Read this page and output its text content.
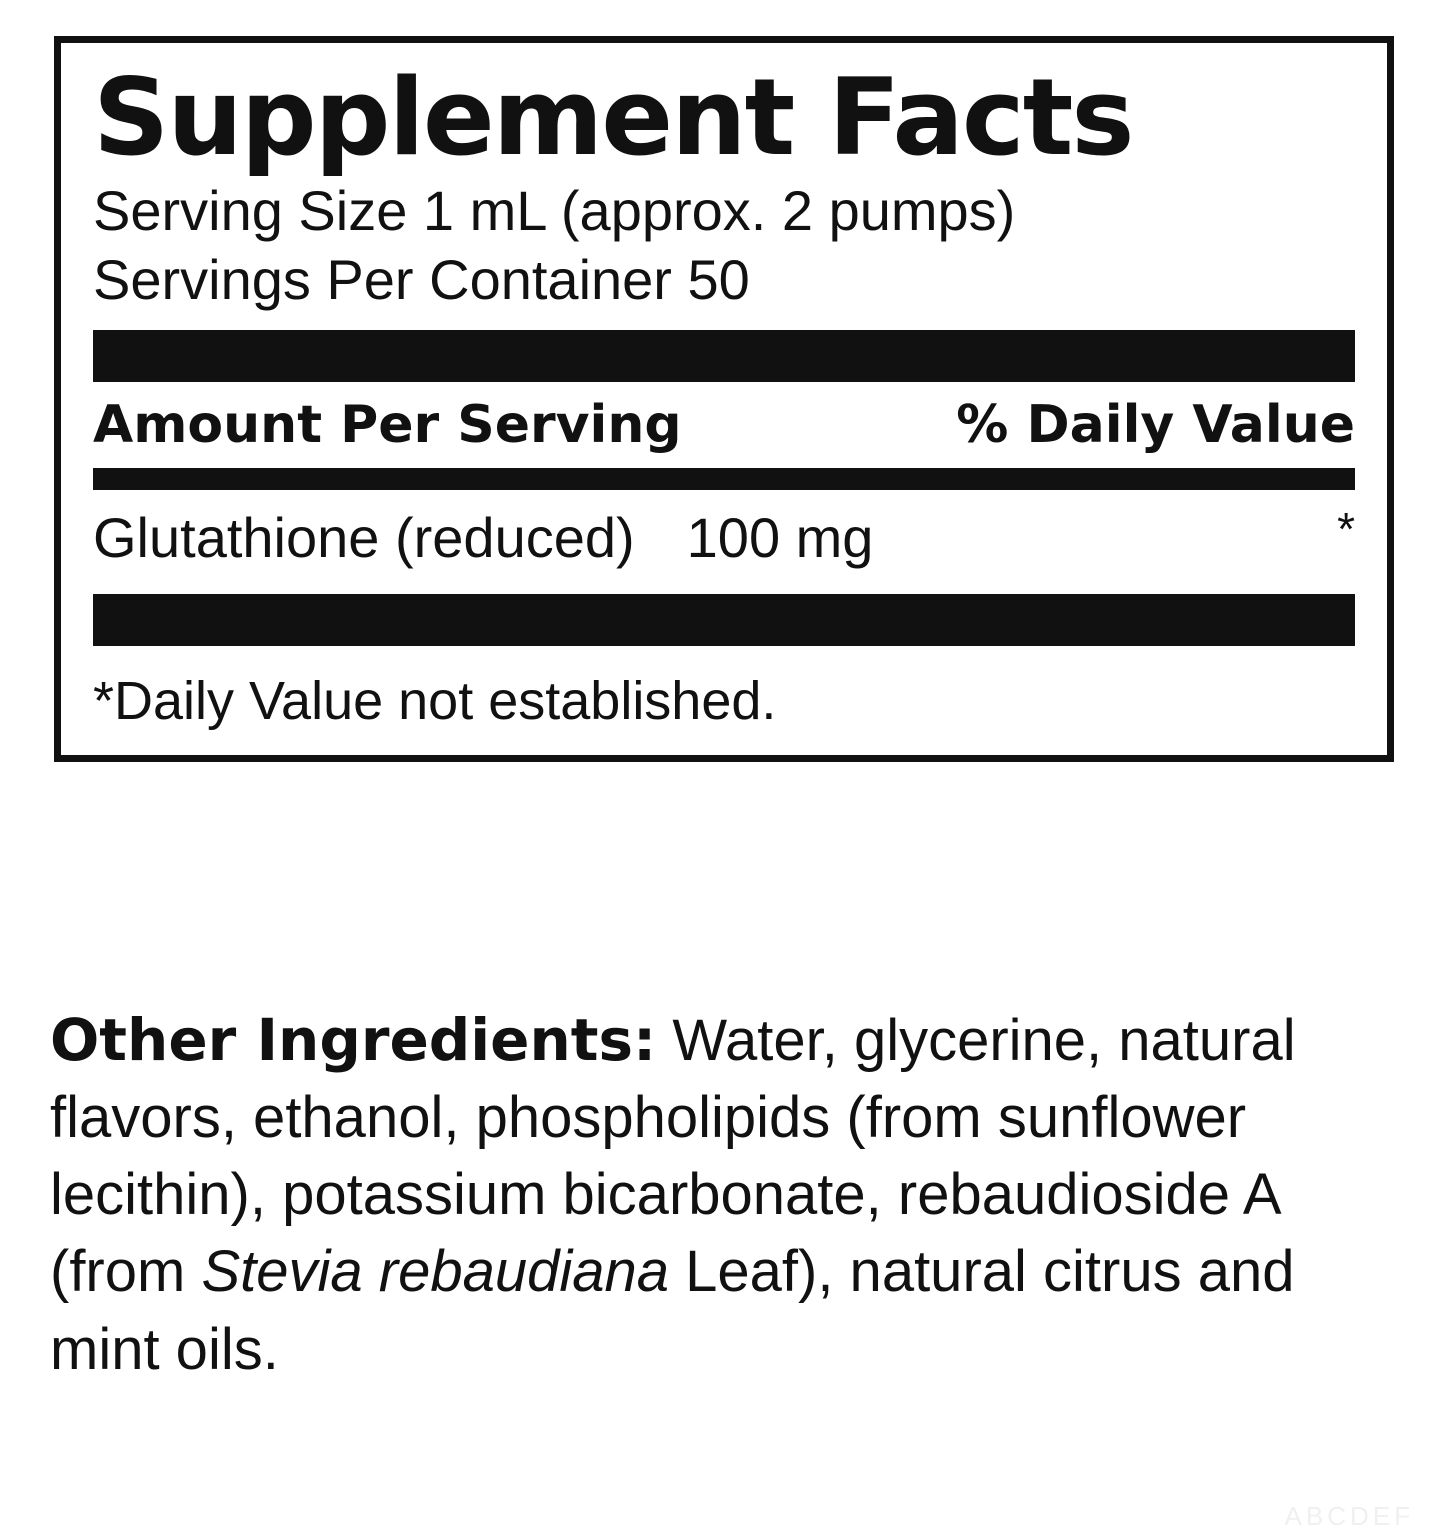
Supplement Facts
Serving Size 1 mL (approx. 2 pumps)
Servings Per Container 50
Amount Per Serving	% Daily Value
Glutathione (reduced) 100 mg	*
*Daily Value not established.
Other Ingredients: Water, glycerine, natural flavors, ethanol, phospholipids (from sunflower lecithin), potassium bicarbonate, rebaudioside A (from Stevia rebaudiana Leaf), natural citrus and mint oils.
ABCDEF
